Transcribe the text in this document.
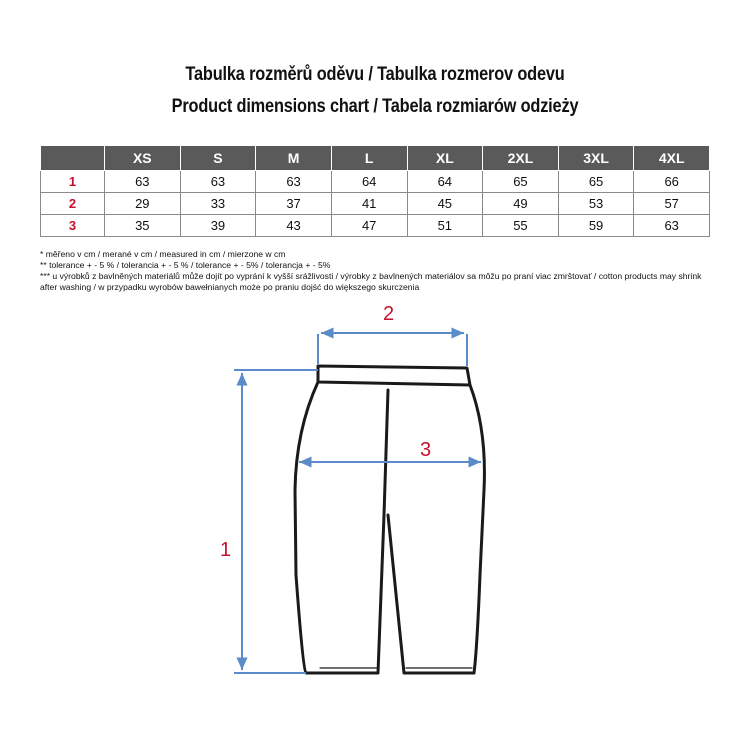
Tabulka rozměrů oděvu / Tabulka rozmerov odevu
Product dimensions chart / Tabela rozmiarów odzieży
	XS	S	M	L	XL	2XL	3XL	4XL
1	63	63	63	64	64	65	65	66
2	29	33	37	41	45	49	53	57
3	35	39	43	47	51	55	59	63
* měřeno v cm / merané v cm / measured in cm / mierzone w cm
** tolerance + - 5 % / tolerancia + - 5 % / tolerance + - 5% / tolerancja + - 5%
*** u výrobků z bavlněných materiálů může dojít po vyprání k vyšší srážlivosti / výrobky z bavlnených materiálov sa môžu po praní viac zmrštovať / cotton products may shrink after washing / w przypadku wyrobów bawełnianych może po praniu dojść do większego skurczenia
2
3
1
